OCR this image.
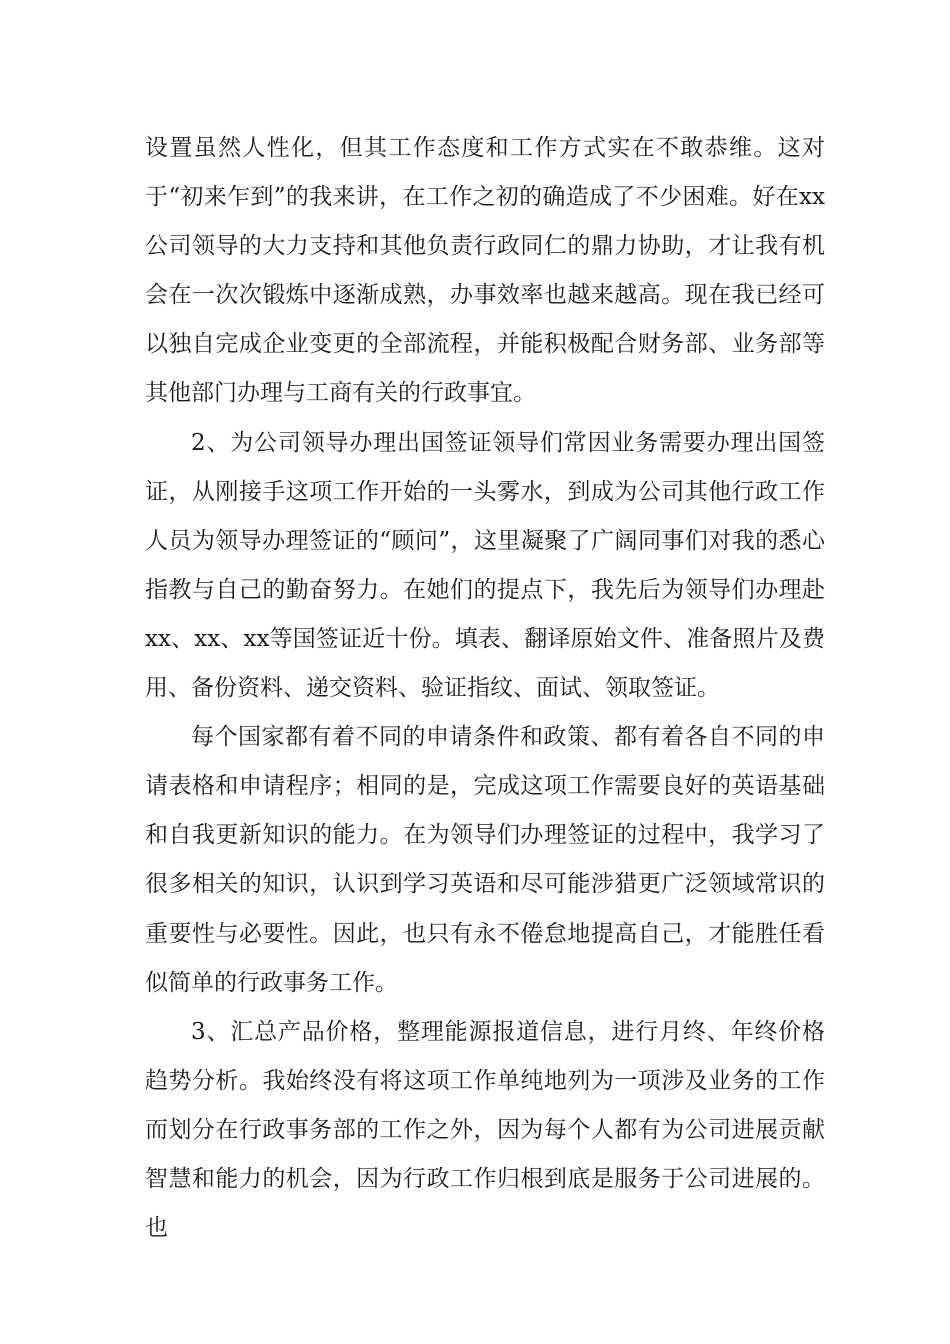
设置虽然人性化，但其工作态度和工作方式实在不敢恭维。这对于“初来乍到”的我来讲，在工作之初的确造成了不少困难。好在xx公司领导的大力支持和其他负责行政同仁的鼎力协助，才让我有机会在一次次锻炼中逐渐成熟，办事效率也越来越高。现在我已经可以独自完成企业变更的全部流程，并能积极配合财务部、业务部等其他部门办理与工商有关的行政事宜。

2、为公司领导办理出国签证领导们常因业务需要办理出国签证，从刚接手这项工作开始的一头雾水，到成为公司其他行政工作人员为领导办理签证的“顾问”，这里凝聚了广阔同事们对我的悉心指教与自己的勤奋努力。在她们的提点下，我先后为领导们办理赴xx、xx、xx等国签证近十份。填表、翻译原始文件、准备照片及费用、备份资料、递交资料、验证指纹、面试、领取签证。

每个国家都有着不同的申请条件和政策、都有着各自不同的申请表格和申请程序；相同的是，完成这项工作需要良好的英语基础和自我更新知识的能力。在为领导们办理签证的过程中，我学习了很多相关的知识，认识到学习英语和尽可能涉猎更广泛领域常识的重要性与必要性。因此，也只有永不倦怠地提高自己，才能胜任看似简单的行政事务工作。

3、汇总产品价格，整理能源报道信息，进行月终、年终价格趋势分析。我始终没有将这项工作单纯地列为一项涉及业务的工作而划分在行政事务部的工作之外，因为每个人都有为公司进展贡献智慧和能力的机会，因为行政工作归根到底是服务于公司进展的。也
